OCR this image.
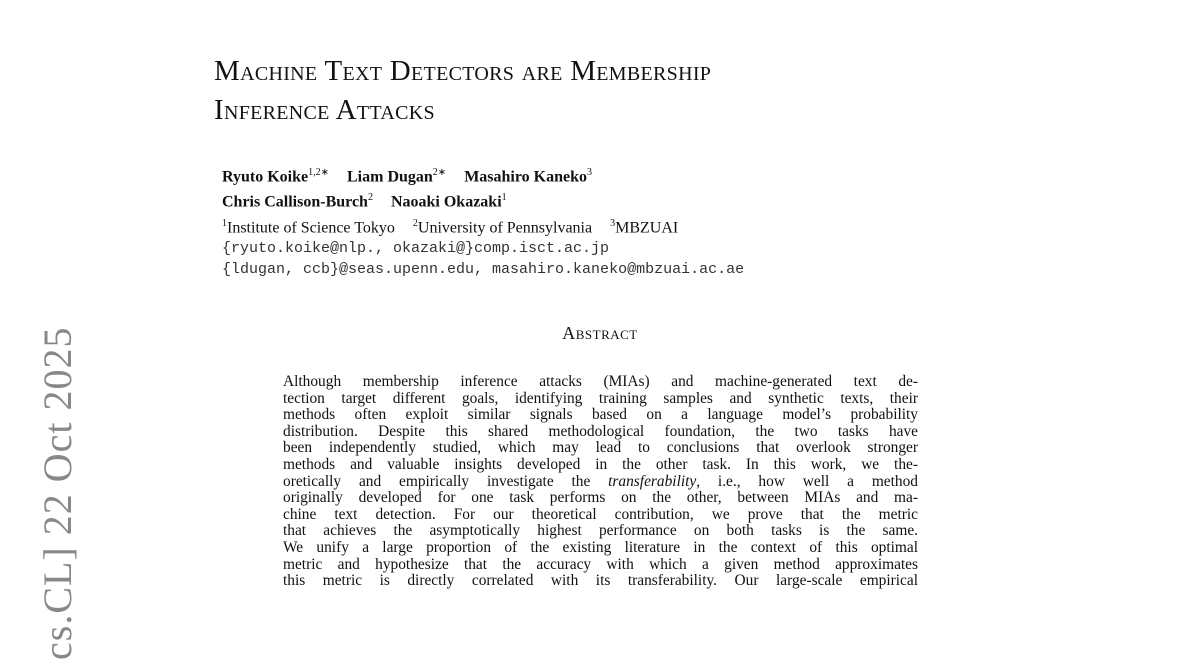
cs.CL] 22 Oct 2025
Machine Text Detectors are Membership
Inference Attacks
Ryuto Koike$^{1,2∗}$ Liam Dugan$^{2∗}$ Masahiro Kaneko$^3$
Chris Callison-Burch$^2$ Naoaki Okazaki$^1$
$^1$Institute of Science Tokyo $^2$University of Pennsylvania $^3$MBZUAI
{ryuto.koike@nlp., okazaki@}comp.isct.ac.jp
{ldugan, ccb}@seas.upenn.edu, masahiro.kaneko@mbzuai.ac.ae
Abstract
Although membership inference attacks (MIAs) and machine-generated text de-
tection target different goals, identifying training samples and synthetic texts, their
methods often exploit similar signals based on a language model’s probability
distribution. Despite this shared methodological foundation, the two tasks have
been independently studied, which may lead to conclusions that overlook stronger
methods and valuable insights developed in the other task. In this work, we the-
oretically and empirically investigate the transferability, i.e., how well a method
originally developed for one task performs on the other, between MIAs and ma-
chine text detection. For our theoretical contribution, we prove that the metric
that achieves the asymptotically highest performance on both tasks is the same.
We unify a large proportion of the existing literature in the context of this optimal
metric and hypothesize that the accuracy with which a given method approximates
this metric is directly correlated with its transferability. Our large-scale empirical
